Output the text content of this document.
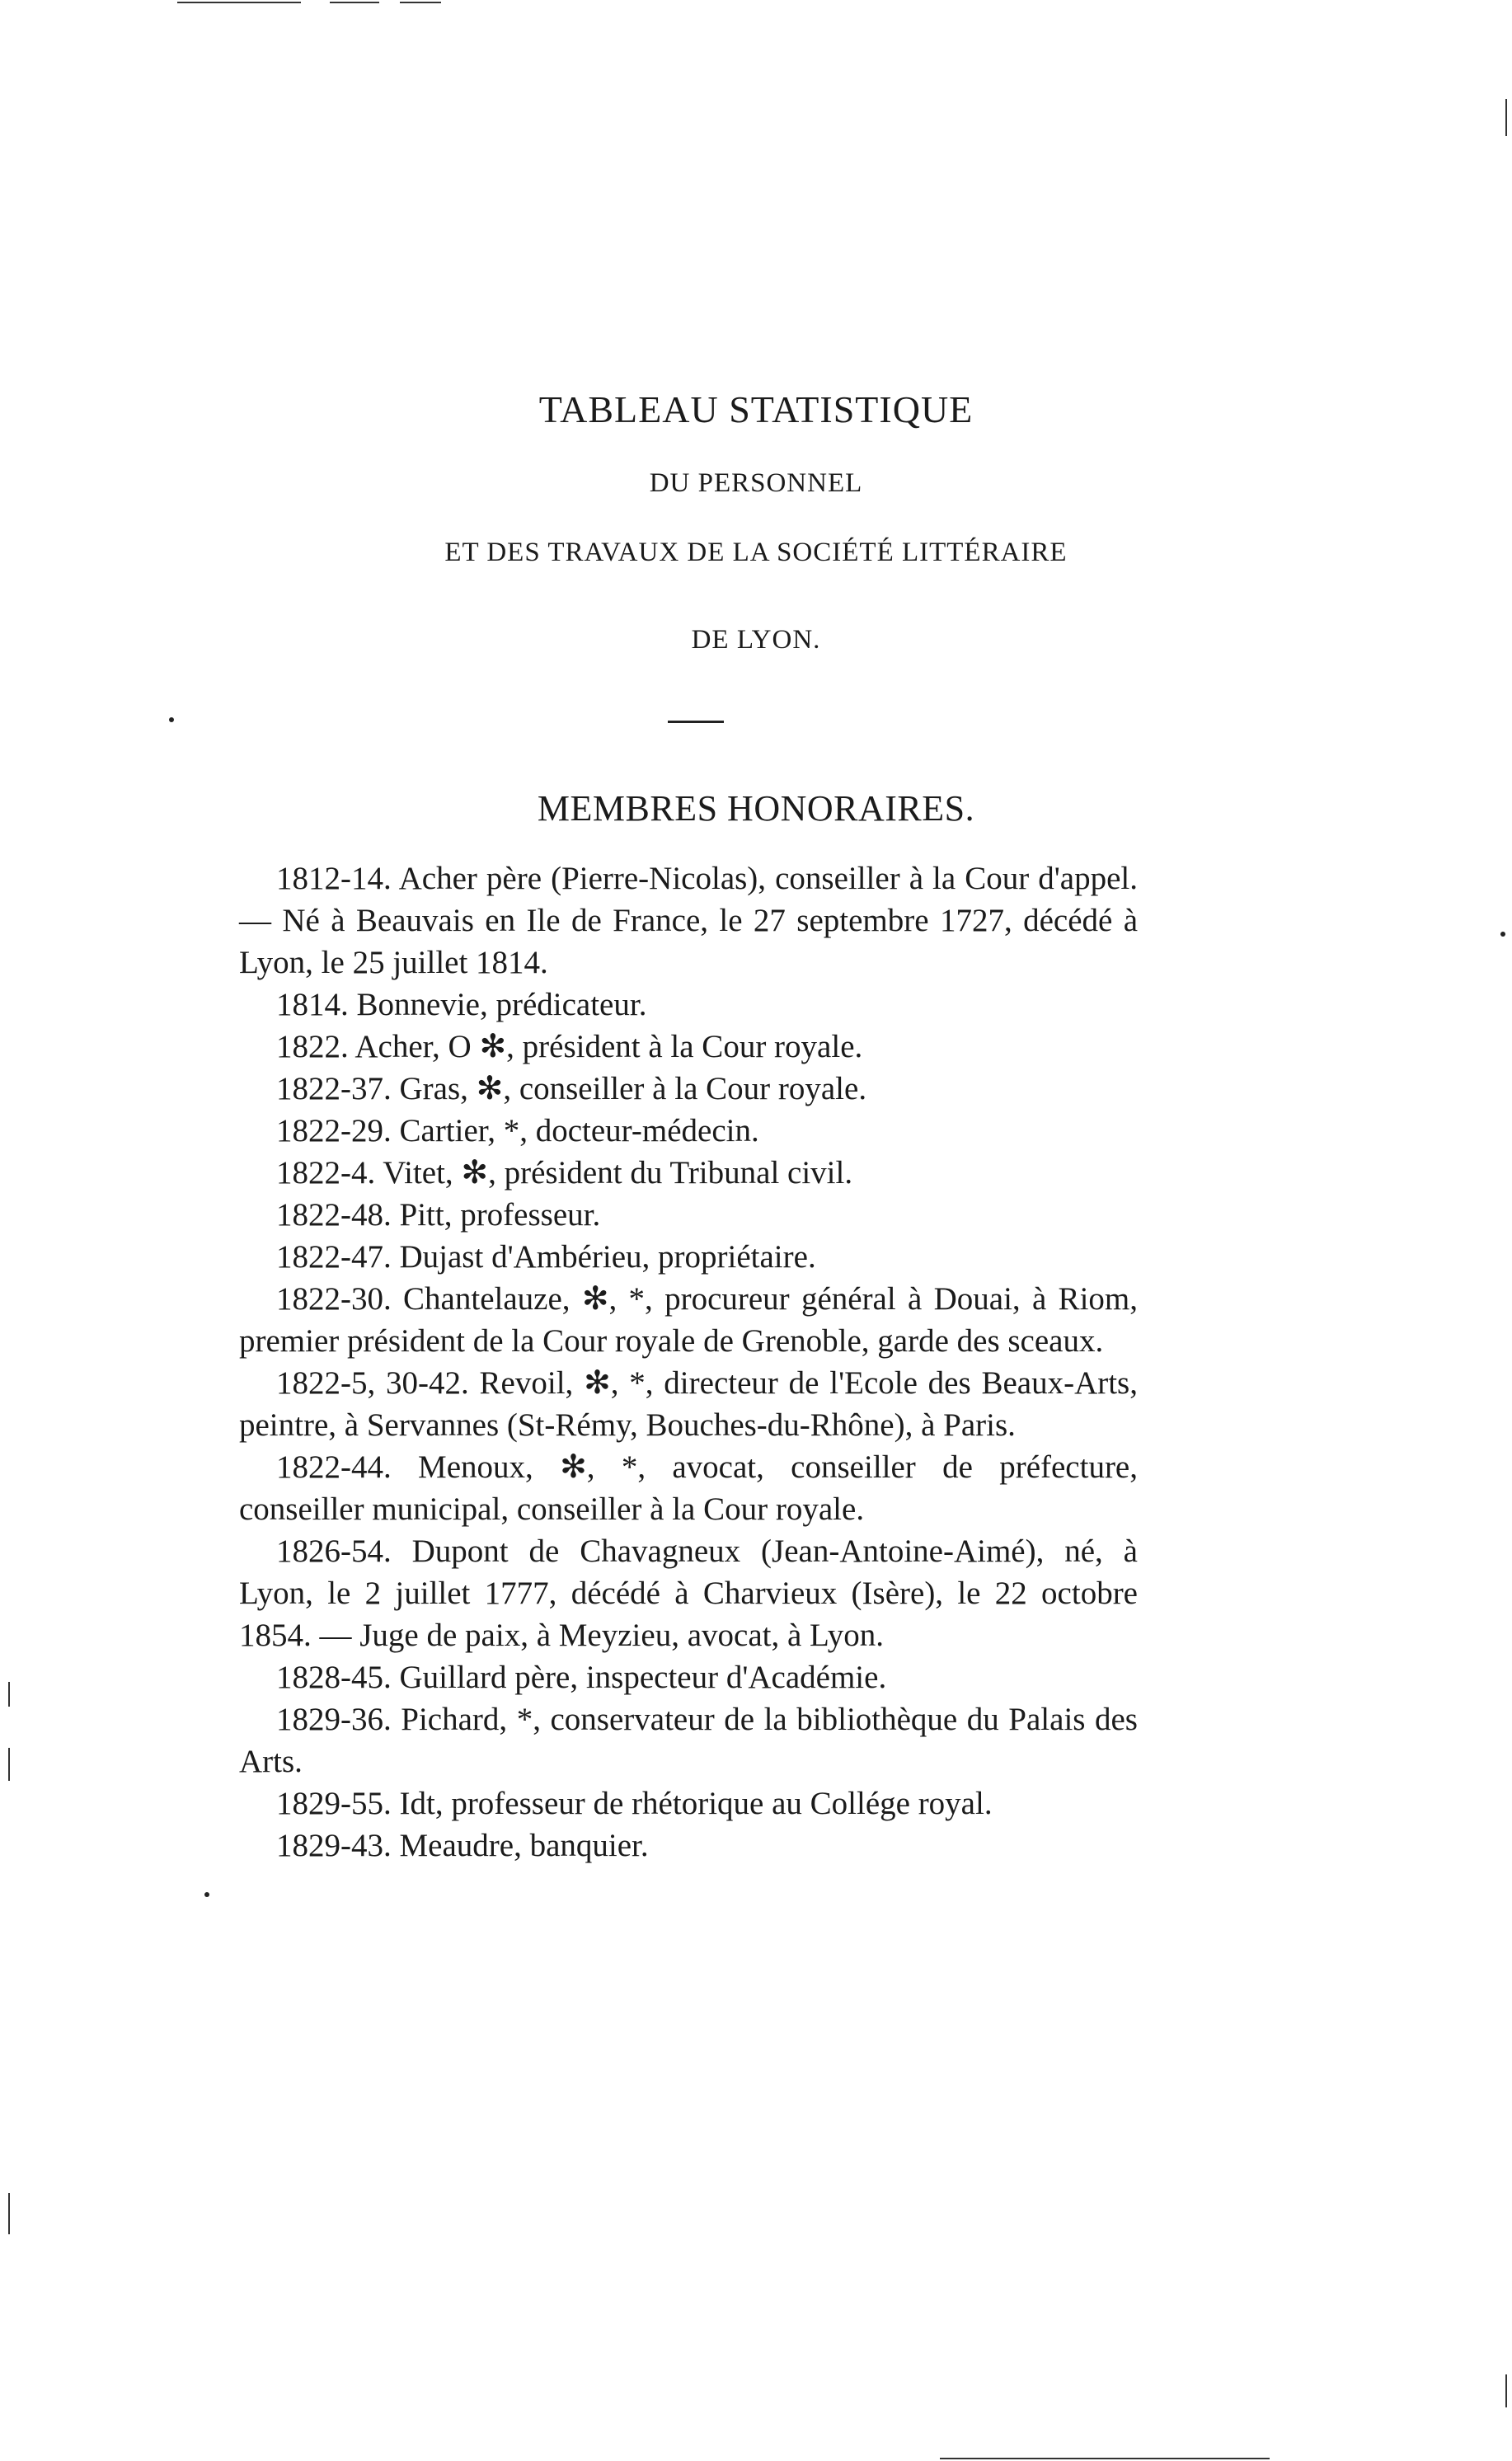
TABLEAU STATISTIQUE
DU PERSONNEL
ET DES TRAVAUX DE LA SOCIÉTÉ LITTÉRAIRE
DE LYON.
MEMBRES HONORAIRES.

1812-14. Acher père (Pierre-Nicolas), conseiller à la Cour d'appel. — Né à Beauvais en Ile de France, le 27 septembre 1727, décédé à Lyon, le 25 juillet 1814.

1814. Bonnevie, prédicateur.

1822. Acher, O ✻, président à la Cour royale.

1822-37. Gras, ✻, conseiller à la Cour royale.

1822-29. Cartier, *, docteur-médecin.

1822-4. Vitet, ✻, président du Tribunal civil.

1822-48. Pitt, professeur.

1822-47. Dujast d'Ambérieu, propriétaire.

1822-30. Chantelauze, ✻, *, procureur général à Douai, à Riom, premier président de la Cour royale de Grenoble, garde des sceaux.

1822-5, 30-42. Revoil, ✻, *, directeur de l'Ecole des Beaux-Arts, peintre, à Servannes (St-Rémy, Bouches-du-Rhône), à Paris.

1822-44. Menoux, ✻, *, avocat, conseiller de préfecture, conseiller municipal, conseiller à la Cour royale.

1826-54. Dupont de Chavagneux (Jean-Antoine-Aimé), né, à Lyon, le 2 juillet 1777, décédé à Charvieux (Isère), le 22 octobre 1854. — Juge de paix, à Meyzieu, avocat, à Lyon.

1828-45. Guillard père, inspecteur d'Académie.

1829-36. Pichard, *, conservateur de la bibliothèque du Palais des Arts.

1829-55. Idt, professeur de rhétorique au Collége royal.

1829-43. Meaudre, banquier.
